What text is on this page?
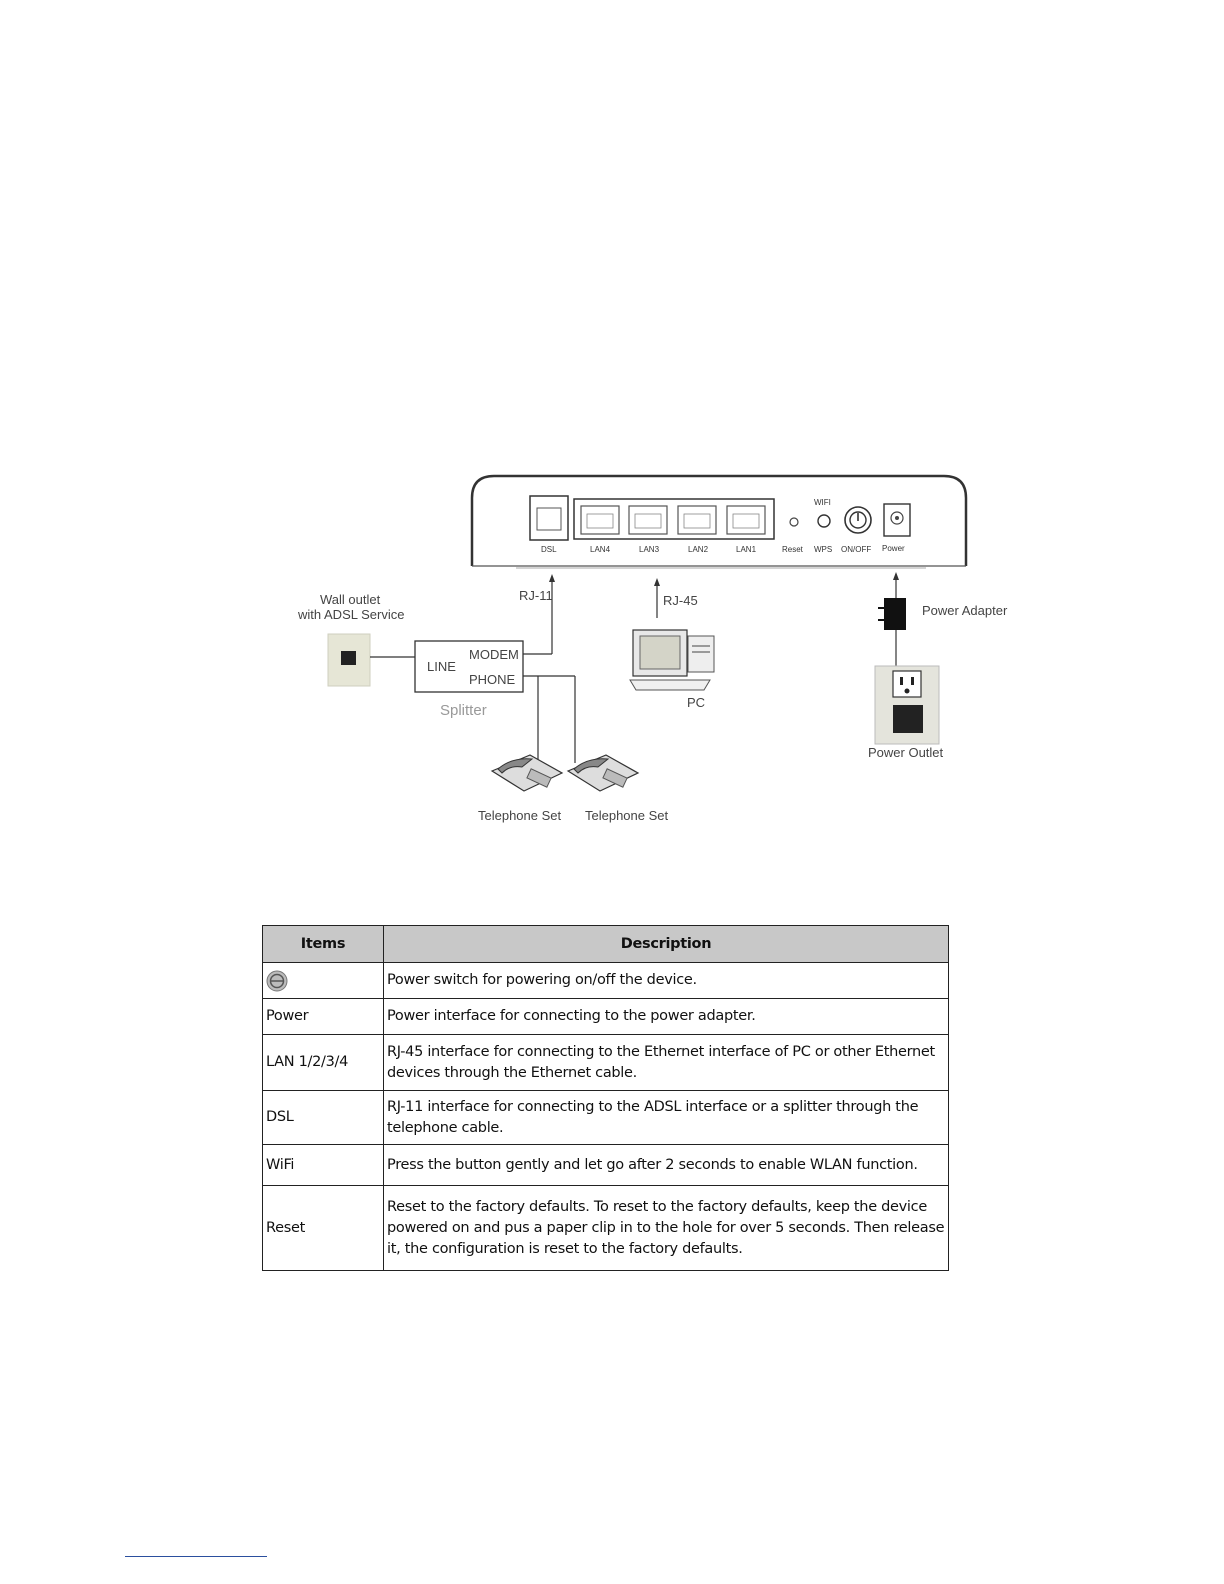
WIFI
DSL	LAN4	LAN3	LAN2	LAN1	Reset WPS ON/OFF Power
RJ-11	RJ-45
Wall outlet
with ADSL Service
LINE
MODEM
PHONE
Splitter
Telephone Set Telephone Set
PC
Power Adapter
Power Outlet
Items	Description
	Power switch for powering on/off the device.
Power	Power interface for connecting to the power adapter.
LAN 1/2/3/4	RJ-45 interface for connecting to the Ethernet interface of PC or other Ethernet devices through the Ethernet cable.
DSL	RJ-11 interface for connecting to the ADSL interface or a splitter through the telephone cable.
WiFi	Press the button gently and let go after 2 seconds to enable WLAN function.
Reset	Reset to the factory defaults. To reset to the factory defaults, keep the device powered on and pus a paper clip in to the hole for over 5 seconds. Then release it, the configuration is reset to the factory defaults.
